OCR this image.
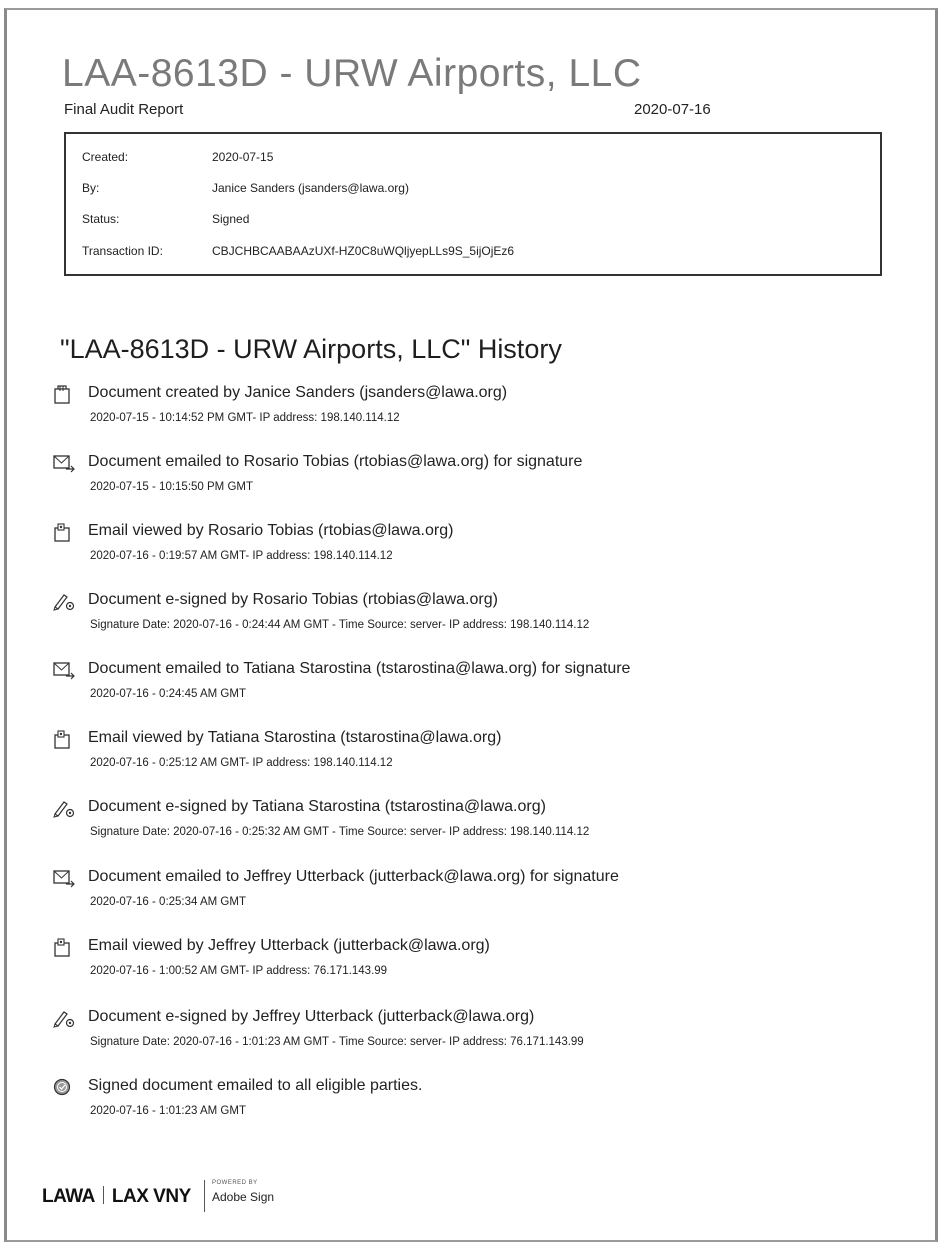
LAA-8613D - URW Airports, LLC
Final Audit Report	2020-07-16
Created:	2020-07-15
By:	Janice Sanders (jsanders@lawa.org)
Status:	Signed
Transaction ID:	CBJCHBCAABAAzUXf-HZ0C8uWQljyepLLs9S_5ijOjEz6
"LAA-8613D - URW Airports, LLC" History
Document created by Janice Sanders (jsanders@lawa.org)
2020-07-15 - 10:14:52 PM GMT- IP address: 198.140.114.12
Document emailed to Rosario Tobias (rtobias@lawa.org) for signature
2020-07-15 - 10:15:50 PM GMT
Email viewed by Rosario Tobias (rtobias@lawa.org)
2020-07-16 - 0:19:57 AM GMT- IP address: 198.140.114.12
Document e-signed by Rosario Tobias (rtobias@lawa.org)
Signature Date: 2020-07-16 - 0:24:44 AM GMT - Time Source: server- IP address: 198.140.114.12
Document emailed to Tatiana Starostina (tstarostina@lawa.org) for signature
2020-07-16 - 0:24:45 AM GMT
Email viewed by Tatiana Starostina (tstarostina@lawa.org)
2020-07-16 - 0:25:12 AM GMT- IP address: 198.140.114.12
Document e-signed by Tatiana Starostina (tstarostina@lawa.org)
Signature Date: 2020-07-16 - 0:25:32 AM GMT - Time Source: server- IP address: 198.140.114.12
Document emailed to Jeffrey Utterback (jutterback@lawa.org) for signature
2020-07-16 - 0:25:34 AM GMT
Email viewed by Jeffrey Utterback (jutterback@lawa.org)
2020-07-16 - 1:00:52 AM GMT- IP address: 76.171.143.99
Document e-signed by Jeffrey Utterback (jutterback@lawa.org)
Signature Date: 2020-07-16 - 1:01:23 AM GMT - Time Source: server- IP address: 76.171.143.99
Signed document emailed to all eligible parties.
2020-07-16 - 1:01:23 AM GMT
LAWA LAX VNY
POWERED BY
Adobe Sign
